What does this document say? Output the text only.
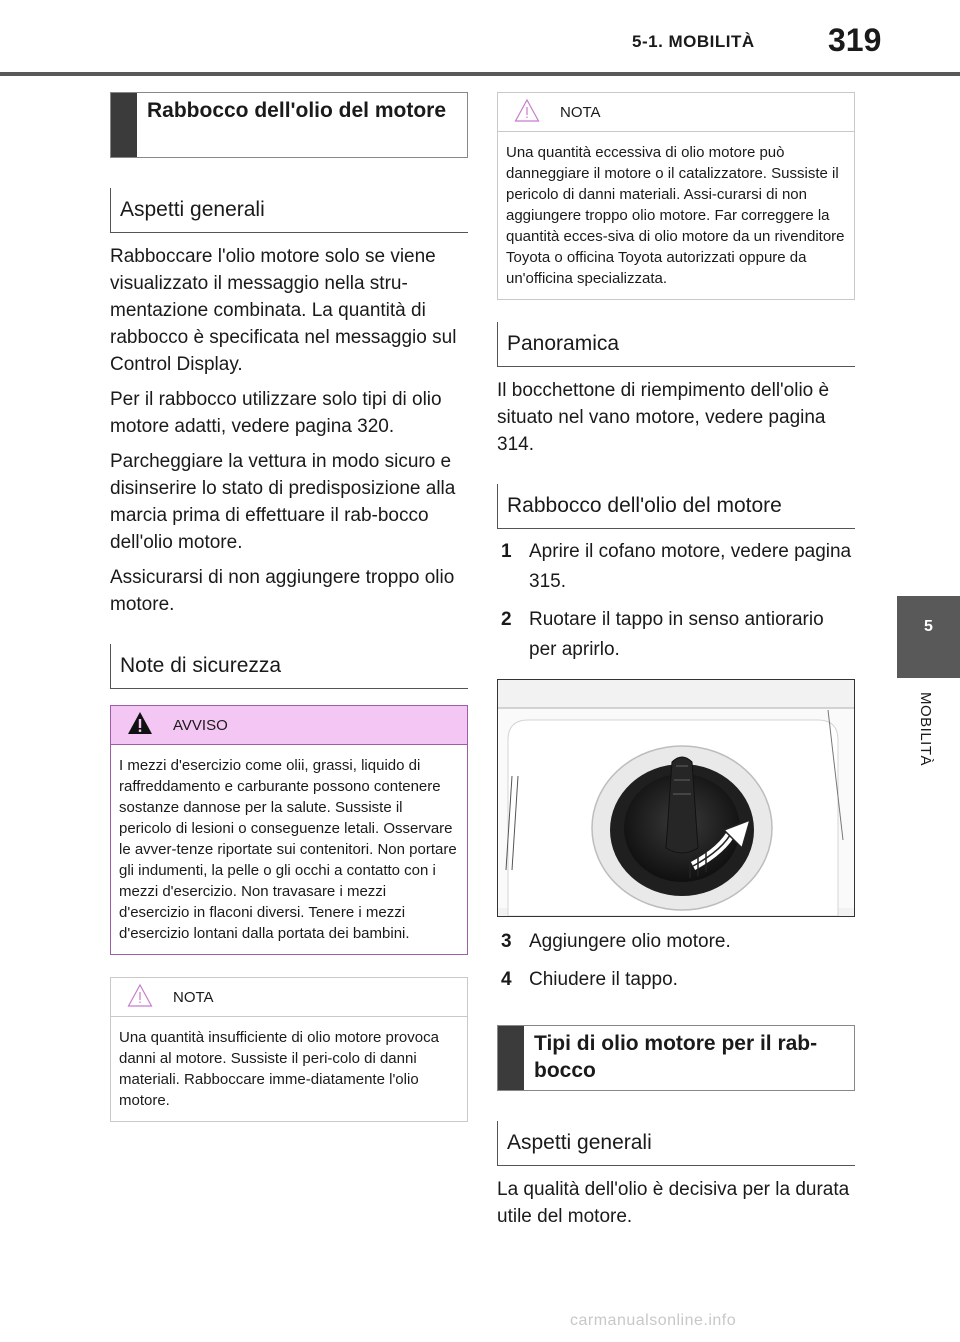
5-1. MOBILITÀ 319
5
MOBILITÀ
Rabbocco dell'olio del motore
Aspetti generali

Rabboccare l'olio motore solo se viene visualizzato il messaggio nella stru-mentazione combinata. La quantità di rabbocco è specificata nel messaggio sul Control Display.

Per il rabbocco utilizzare solo tipi di olio motore adatti, vedere pagina 320.

Parcheggiare la vettura in modo sicuro e disinserire lo stato di predisposizione alla marcia prima di effettuare il rab-bocco dell'olio motore.

Assicurarsi di non aggiungere troppo olio motore.

Note di sicurezza
AVVISO
I mezzi d'esercizio come olii, grassi, liquido di raffreddamento e carburante possono contenere sostanze dannose per la salute. Sussiste il pericolo di lesioni o conseguenze letali. Osservare le avver-tenze riportate sui contenitori. Non portare gli indumenti, la pelle o gli occhi a contatto con i mezzi d'esercizio. Non travasare i mezzi d'esercizio in flaconi diversi. Tenere i mezzi d'esercizio lontani dalla portata dei bambini.
NOTA
Una quantità insufficiente di olio motore provoca danni al motore. Sussiste il peri-colo di danni materiali. Rabboccare imme-diatamente l'olio motore.
NOTA
Una quantità eccessiva di olio motore può danneggiare il motore o il catalizzatore. Sussiste il pericolo di danni materiali. Assi-curarsi di non aggiungere troppo olio motore. Far correggere la quantità ecces-siva di olio motore da un rivenditore Toyota o officina Toyota autorizzati oppure da un'officina specializzata.
Panoramica

Il bocchettone di riempimento dell'olio è situato nel vano motore, vedere pagina 314.

Rabbocco dell'olio del motore
1 Aprire il cofano motore, vedere pagina 315.
2 Ruotare il tappo in senso antiorario per aprirlo.
3 Aggiungere olio motore.
4 Chiudere il tappo.
Tipi di olio motore per il rab-bocco
Aspetti generali

La qualità dell'olio è decisiva per la durata utile del motore.

carmanualsonline.info
